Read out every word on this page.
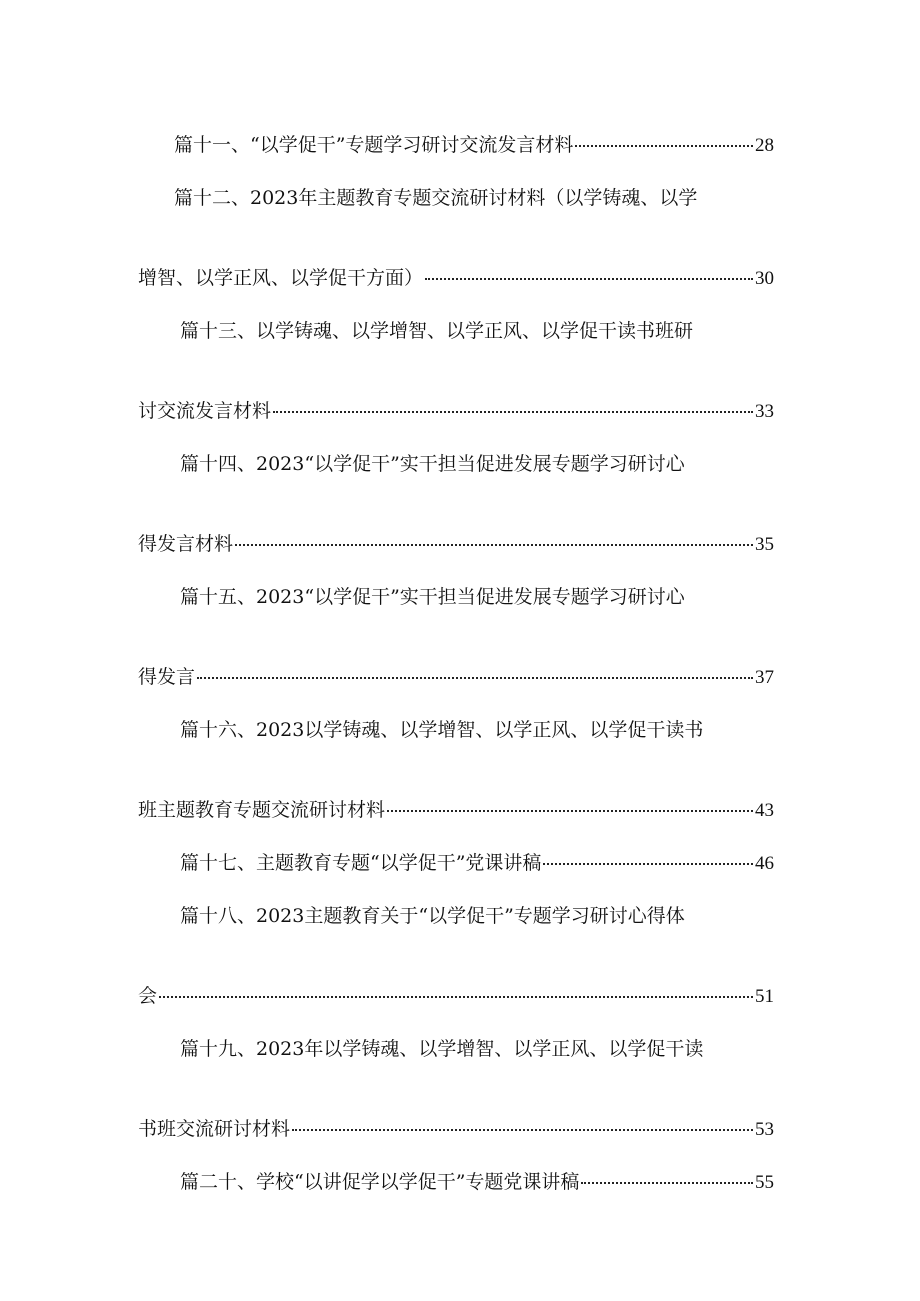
篇十一、“以学促干”专题学习研讨交流发言材料	28
篇十二、2023年主题教育专题交流研讨材料（以学铸魂、以学
增智、以学正风、以学促干方面）	30
篇十三、以学铸魂、以学增智、以学正风、以学促干读书班研
讨交流发言材料	33
篇十四、2023“以学促干”实干担当促进发展专题学习研讨心
得发言材料	35
篇十五、2023“以学促干”实干担当促进发展专题学习研讨心
得发言	37
篇十六、2023以学铸魂、以学增智、以学正风、以学促干读书
班主题教育专题交流研讨材料	43
篇十七、主题教育专题“以学促干”党课讲稿	46
篇十八、2023主题教育关于“以学促干”专题学习研讨心得体
会	51
篇十九、2023年以学铸魂、以学增智、以学正风、以学促干读
书班交流研讨材料	53
篇二十、学校“以讲促学以学促干”专题党课讲稿	55
